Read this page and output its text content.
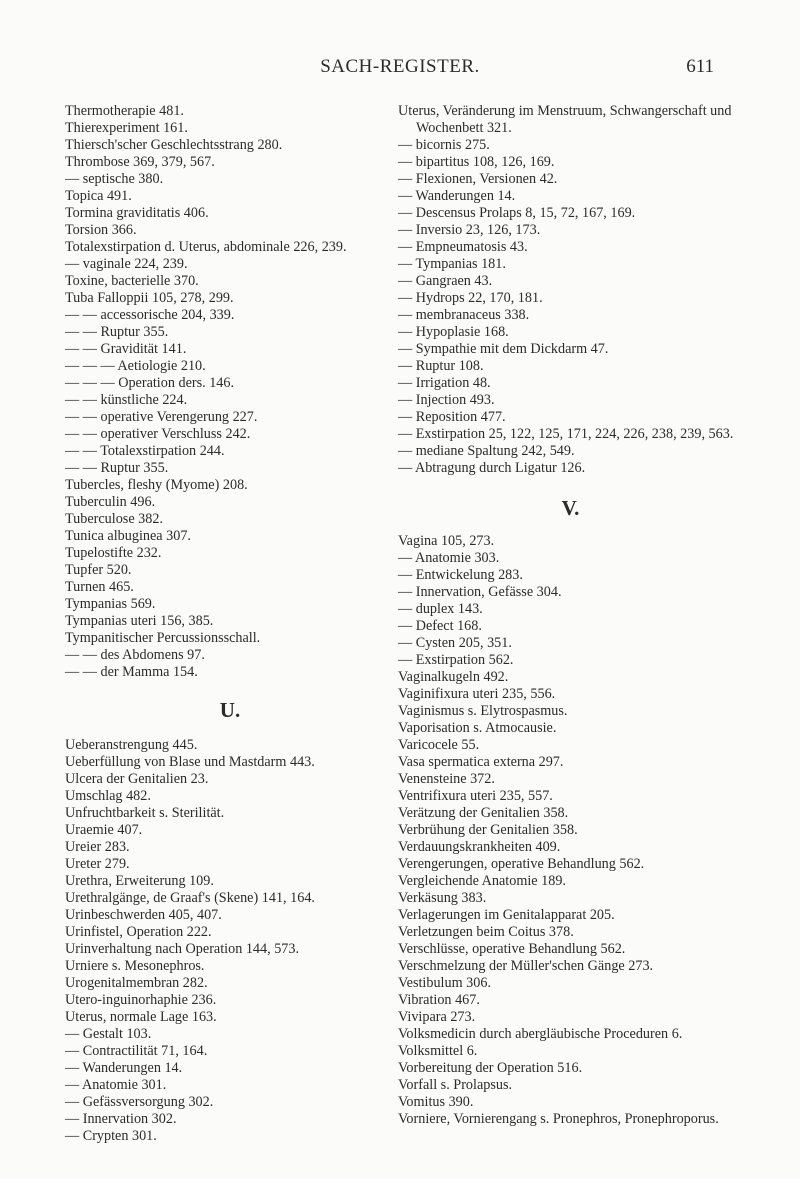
SACH-REGISTER.	611
Thermotherapie 481.
Thierexperiment 161.
Thiersch'scher Geschlechtsstrang 280.
Thrombose 369, 379, 567.
— septische 380.
Topica 491.
Tormina graviditatis 406.
Torsion 366.
Totalexstirpation d. Uterus, abdominale 226, 239.
— vaginale 224, 239.
Toxine, bacterielle 370.
Tuba Falloppii 105, 278, 299.
— — accessorische 204, 339.
— — Ruptur 355.
— — Gravidität 141.
— — — Aetiologie 210.
— — — Operation ders. 146.
— — künstliche 224.
— — operative Verengerung 227.
— — operativer Verschluss 242.
— — Totalexstirpation 244.
— — Ruptur 355.
Tubercles, fleshy (Myome) 208.
Tuberculin 496.
Tuberculose 382.
Tunica albuginea 307.
Tupelostifte 232.
Tupfer 520.
Turnen 465.
Tympanias 569.
Tympanias uteri 156, 385.
Tympanitischer Percussionsschall.
— — des Abdomens 97.
— — der Mamma 154.
U.
Ueberanstrengung 445.
Ueberfüllung von Blase und Mastdarm 443.
Ulcera der Genitalien 23.
Umschlag 482.
Unfruchtbarkeit s. Sterilität.
Uraemie 407.
Ureier 283.
Ureter 279.
Urethra, Erweiterung 109.
Urethralgänge, de Graaf's (Skene) 141, 164.
Urinbeschwerden 405, 407.
Urinfistel, Operation 222.
Urinverhaltung nach Operation 144, 573.
Urniere s. Mesonephros.
Urogenitalmembran 282.
Utero-inguinorhaphie 236.
Uterus, normale Lage 163.
— Gestalt 103.
— Contractilität 71, 164.
— Wanderungen 14.
— Anatomie 301.
— Gefässversorgung 302.
— Innervation 302.
— Crypten 301.
Uterus, Veränderung im Menstruum, Schwangerschaft und Wochenbett 321.
— bicornis 275.
— bipartitus 108, 126, 169.
— Flexionen, Versionen 42.
— Wanderungen 14.
— Descensus Prolaps 8, 15, 72, 167, 169.
— Inversio 23, 126, 173.
— Empneumatosis 43.
— Tympanias 181.
— Gangraen 43.
— Hydrops 22, 170, 181.
— membranaceus 338.
— Hypoplasie 168.
— Sympathie mit dem Dickdarm 47.
— Ruptur 108.
— Irrigation 48.
— Injection 493.
— Reposition 477.
— Exstirpation 25, 122, 125, 171, 224, 226, 238, 239, 563.
— mediane Spaltung 242, 549.
— Abtragung durch Ligatur 126.
V.
Vagina 105, 273.
— Anatomie 303.
— Entwickelung 283.
— Innervation, Gefässe 304.
— duplex 143.
— Defect 168.
— Cysten 205, 351.
— Exstirpation 562.
Vaginalkugeln 492.
Vaginifixura uteri 235, 556.
Vaginismus s. Elytrospasmus.
Vaporisation s. Atmocausie.
Varicocele 55.
Vasa spermatica externa 297.
Venensteine 372.
Ventrifixura uteri 235, 557.
Verätzung der Genitalien 358.
Verbrühung der Genitalien 358.
Verdauungskrankheiten 409.
Verengerungen, operative Behandlung 562.
Vergleichende Anatomie 189.
Verkäsung 383.
Verlagerungen im Genitalapparat 205.
Verletzungen beim Coitus 378.
Verschlüsse, operative Behandlung 562.
Verschmelzung der Müller'schen Gänge 273.
Vestibulum 306.
Vibration 467.
Vivipara 273.
Volksmedicin durch abergläubische Proceduren 6.
Volksmittel 6.
Vorbereitung der Operation 516.
Vorfall s. Prolapsus.
Vomitus 390.
Vorniere, Vornierengang s. Pronephros, Pronephroporus.
